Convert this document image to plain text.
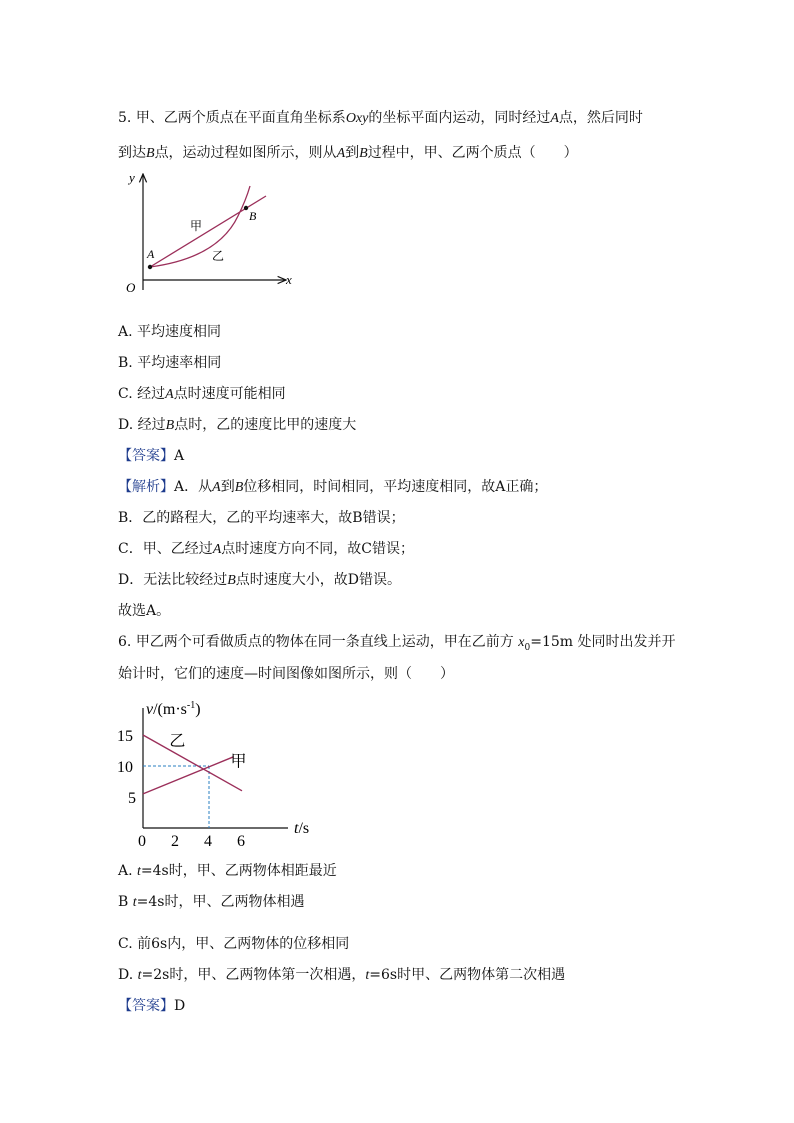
5. 甲、乙两个质点在平面直角坐标系Oxy的坐标平面内运动，同时经过A点，然后同时
到达B点，运动过程如图所示，则从A到B过程中，甲、乙两个质点（　　）
y
x
O
A
B
甲
乙
A. 平均速度相同
B. 平均速率相同
C. 经过A点时速度可能相同
D. 经过B点时，乙的速度比甲的速度大
【答案】A
【解析】A．从A到B位移相同，时间相同，平均速度相同，故A正确；
B．乙的路程大，乙的平均速率大，故B错误；
C．甲、乙经过A点时速度方向不同，故C错误；
D．无法比较经过B点时速度大小，故D错误。
故选A。
6. 甲乙两个可看做质点的物体在同一条直线上运动，甲在乙前方 $x_0=15m$ 处同时出发并开
始计时，它们的速度—时间图像如图所示，则（　　）
$v/(m\cdot s^{-1})$
t/s
0 2 4 6
5
10
15 乙
甲
A. t=4s时，甲、乙两物体相距最近
B t=4s时，甲、乙两物体相遇
C. 前6s内，甲、乙两物体的位移相同
D. t=2s时，甲、乙两物体第一次相遇，t=6s时甲、乙两物体第二次相遇
【答案】D
